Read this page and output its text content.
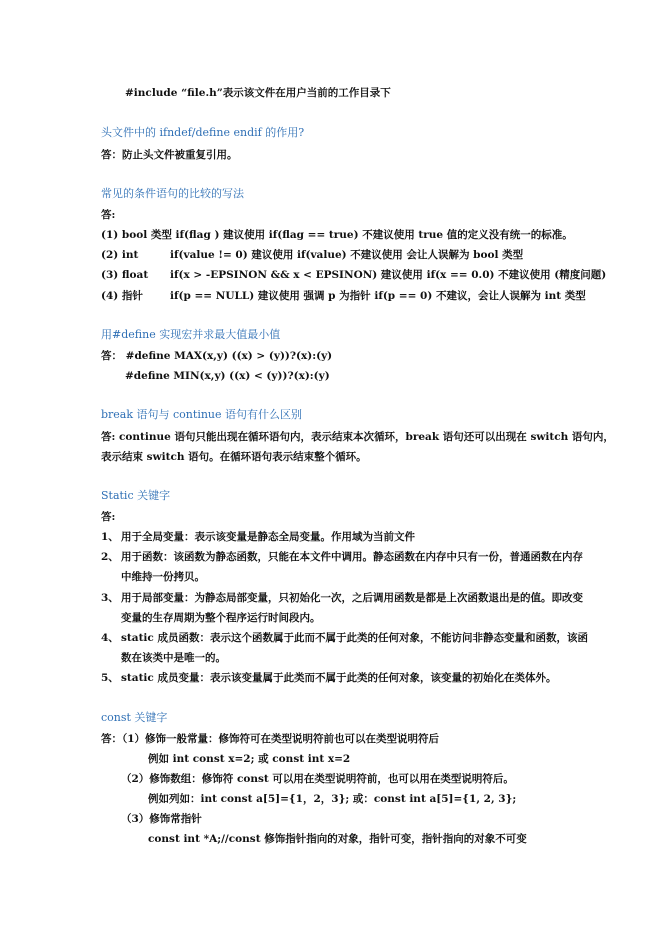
#include “file.h”表示该文件在用户当前的工作目录下
头文件中的 ifndef/define endif 的作用?
答：防止头文件被重复引用。
常见的条件语句的比较的写法
答:
(1) bool 类型 if(flag ) 建议使用 if(flag == true) 不建议使用 true 值的定义没有统一的标准。
(2) int	if(value != 0) 建议使用 if(value) 不建议使用 会让人误解为 bool 类型
(3) float if(x > -EPSINON && x < EPSINON) 建议使用 if(x == 0.0) 不建议使用 (精度问题)
(4) 指针	if(p == NULL) 建议使用 强调 p 为指针 if(p == 0) 不建议，会让人误解为 int 类型
用#define 实现宏并求最大值最小值
答： #define MAX(x,y) ((x) > (y))?(x):(y)
#define MIN(x,y) ((x) < (y))?(x):(y)
break 语句与 continue 语句有什么区别
答: continue 语句只能出现在循环语句内，表示结束本次循环，break 语句还可以出现在 switch 语句内，
表示结束 switch 语句。在循环语句表示结束整个循环。
Static 关键字
答:
1、 用于全局变量：表示该变量是静态全局变量。作用域为当前文件
2、 用于函数：该函数为静态函数，只能在本文件中调用。静态函数在内存中只有一份，普通函数在内存
中维持一份拷贝。
3、 用于局部变量：为静态局部变量，只初始化一次，之后调用函数是都是上次函数退出是的值。即改变
变量的生存周期为整个程序运行时间段内。
4、 static 成员函数：表示这个函数属于此而不属于此类的任何对象，不能访问非静态变量和函数，该函
数在该类中是唯一的。
5、 static 成员变量：表示该变量属于此类而不属于此类的任何对象，该变量的初始化在类体外。
const 关键字
答：（1）修饰一般常量：修饰符可在类型说明符前也可以在类型说明符后
例如 int const x=2; 或 const int x=2
（2）修饰数组：修饰符 const 可以用在类型说明符前，也可以用在类型说明符后。
例如列如：int const a[5]={1，2，3}; 或：const int a[5]={1, 2, 3};
（3）修饰常指针
const int *A;//const 修饰指针指向的对象，指针可变，指针指向的对象不可变
